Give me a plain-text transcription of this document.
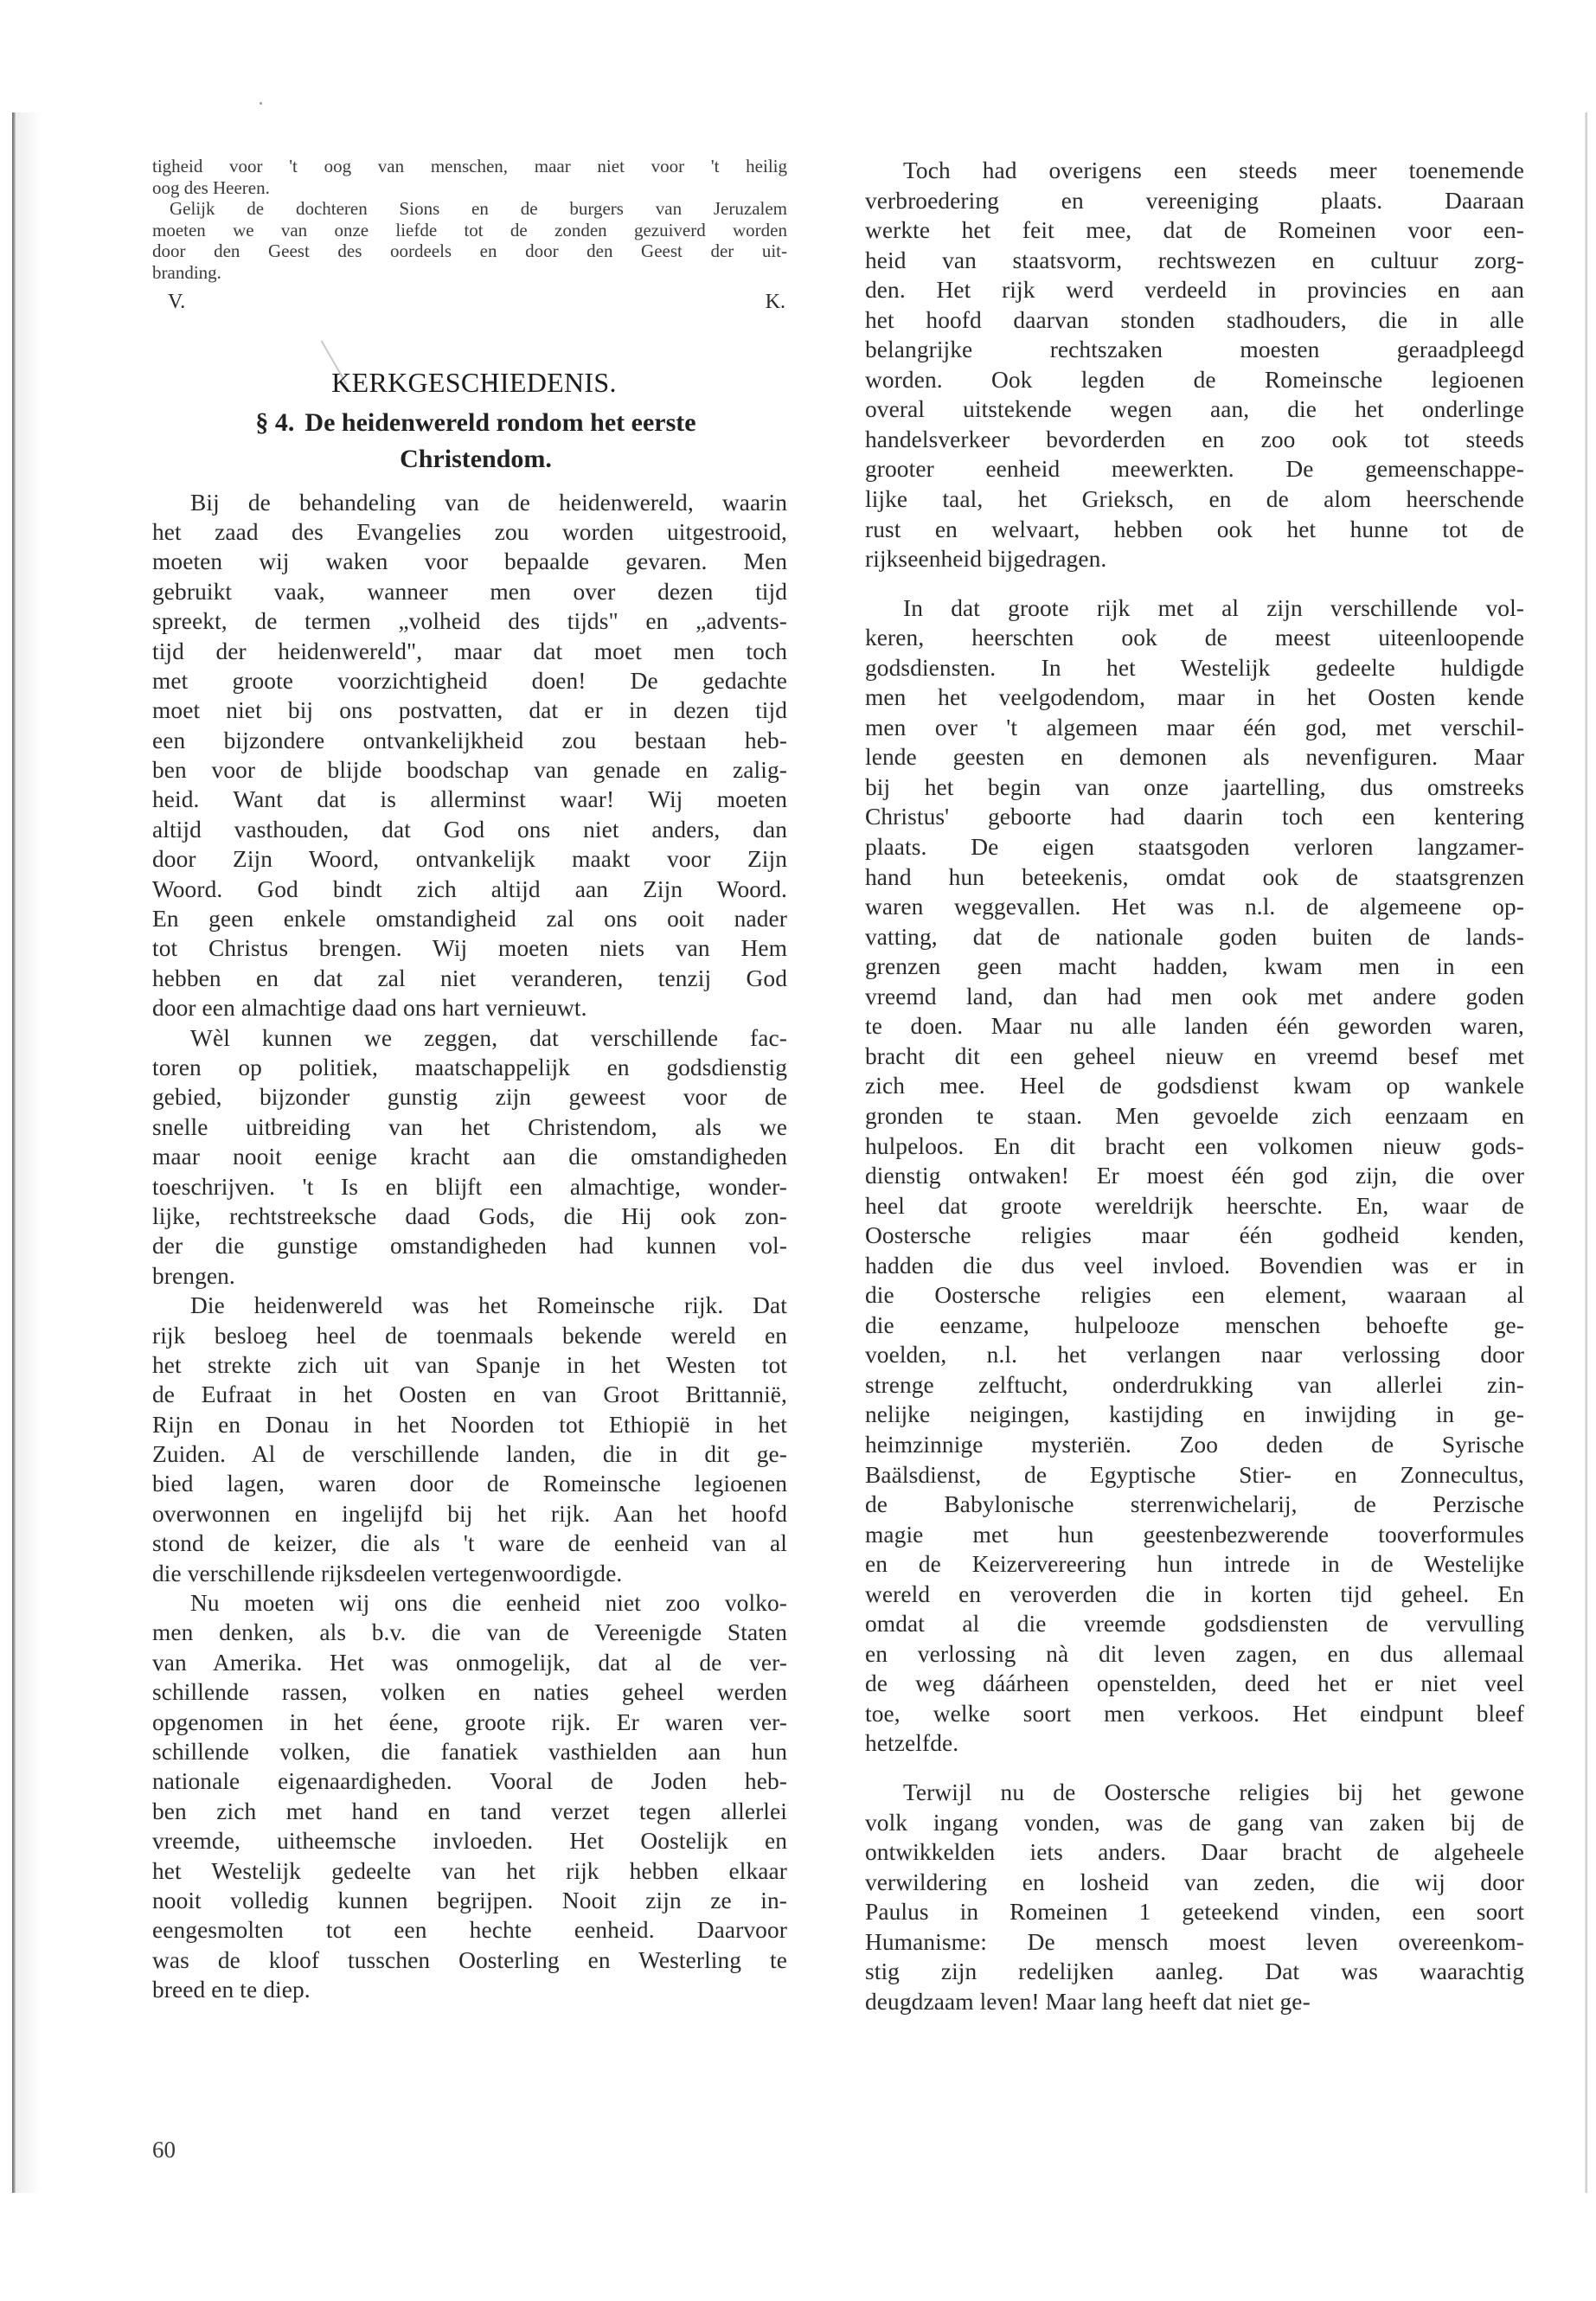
tigheid voor 't oog van menschen, maar niet voor 't heilig
oog des Heeren.
Gelijk de dochteren Sions en de burgers van Jeruzalem
moeten we van onze liefde tot de zonden gezuiverd worden
door den Geest des oordeels en door den Geest der uit-
branding.
V.	K.
KERKGESCHIEDENIS.
§ 4. De heidenwereld rondom het eerste
Christendom.
Bij de behandeling van de heidenwereld, waarin
het zaad des Evangelies zou worden uitgestrooid,
moeten wij waken voor bepaalde gevaren. Men
gebruikt vaak, wanneer men over dezen tijd
spreekt, de termen „volheid des tijds" en „advents-
tijd der heidenwereld", maar dat moet men toch
met groote voorzichtigheid doen! De gedachte
moet niet bij ons postvatten, dat er in dezen tijd
een bijzondere ontvankelijkheid zou bestaan heb-
ben voor de blijde boodschap van genade en zalig-
heid. Want dat is allerminst waar! Wij moeten
altijd vasthouden, dat God ons niet anders, dan
door Zijn Woord, ontvankelijk maakt voor Zijn
Woord. God bindt zich altijd aan Zijn Woord.
En geen enkele omstandigheid zal ons ooit nader
tot Christus brengen. Wij moeten niets van Hem
hebben en dat zal niet veranderen, tenzij God
door een almachtige daad ons hart vernieuwt.
Wèl kunnen we zeggen, dat verschillende fac-
toren op politiek, maatschappelijk en godsdienstig
gebied, bijzonder gunstig zijn geweest voor de
snelle uitbreiding van het Christendom, als we
maar nooit eenige kracht aan die omstandigheden
toeschrijven. 't Is en blijft een almachtige, wonder-
lijke, rechtstreeksche daad Gods, die Hij ook zon-
der die gunstige omstandigheden had kunnen vol-
brengen.
Die heidenwereld was het Romeinsche rijk. Dat
rijk besloeg heel de toenmaals bekende wereld en
het strekte zich uit van Spanje in het Westen tot
de Eufraat in het Oosten en van Groot Brittannië,
Rijn en Donau in het Noorden tot Ethiopië in het
Zuiden. Al de verschillende landen, die in dit ge-
bied lagen, waren door de Romeinsche legioenen
overwonnen en ingelijfd bij het rijk. Aan het hoofd
stond de keizer, die als 't ware de eenheid van al
die verschillende rijksdeelen vertegenwoordigde.
Nu moeten wij ons die eenheid niet zoo volko-
men denken, als b.v. die van de Vereenigde Staten
van Amerika. Het was onmogelijk, dat al de ver-
schillende rassen, volken en naties geheel werden
opgenomen in het éene, groote rijk. Er waren ver-
schillende volken, die fanatiek vasthielden aan hun
nationale eigenaardigheden. Vooral de Joden heb-
ben zich met hand en tand verzet tegen allerlei
vreemde, uitheemsche invloeden. Het Oostelijk en
het Westelijk gedeelte van het rijk hebben elkaar
nooit volledig kunnen begrijpen. Nooit zijn ze in-
eengesmolten tot een hechte eenheid. Daarvoor
was de kloof tusschen Oosterling en Westerling te
breed en te diep.
Toch had overigens een steeds meer toenemende
verbroedering en vereeniging plaats. Daaraan
werkte het feit mee, dat de Romeinen voor een-
heid van staatsvorm, rechtswezen en cultuur zorg-
den. Het rijk werd verdeeld in provincies en aan
het hoofd daarvan stonden stadhouders, die in alle
belangrijke rechtszaken moesten geraadpleegd
worden. Ook legden de Romeinsche legioenen
overal uitstekende wegen aan, die het onderlinge
handelsverkeer bevorderden en zoo ook tot steeds
grooter eenheid meewerkten. De gemeenschappe-
lijke taal, het Grieksch, en de alom heerschende
rust en welvaart, hebben ook het hunne tot de
rijkseenheid bijgedragen.
In dat groote rijk met al zijn verschillende vol-
keren, heerschten ook de meest uiteenloopende
godsdiensten. In het Westelijk gedeelte huldigde
men het veelgodendom, maar in het Oosten kende
men over 't algemeen maar één god, met verschil-
lende geesten en demonen als nevenfiguren. Maar
bij het begin van onze jaartelling, dus omstreeks
Christus' geboorte had daarin toch een kentering
plaats. De eigen staatsgoden verloren langzamer-
hand hun beteekenis, omdat ook de staatsgrenzen
waren weggevallen. Het was n.l. de algemeene op-
vatting, dat de nationale goden buiten de lands-
grenzen geen macht hadden, kwam men in een
vreemd land, dan had men ook met andere goden
te doen. Maar nu alle landen één geworden waren,
bracht dit een geheel nieuw en vreemd besef met
zich mee. Heel de godsdienst kwam op wankele
gronden te staan. Men gevoelde zich eenzaam en
hulpeloos. En dit bracht een volkomen nieuw gods-
dienstig ontwaken! Er moest één god zijn, die over
heel dat groote wereldrijk heerschte. En, waar de
Oostersche religies maar één godheid kenden,
hadden die dus veel invloed. Bovendien was er in
die Oostersche religies een element, waaraan al
die eenzame, hulpelooze menschen behoefte ge-
voelden, n.l. het verlangen naar verlossing door
strenge zelftucht, onderdrukking van allerlei zin-
nelijke neigingen, kastijding en inwijding in ge-
heimzinnige mysteriën. Zoo deden de Syrische
Baälsdienst, de Egyptische Stier- en Zonnecultus,
de Babylonische sterrenwichelarij, de Perzische
magie met hun geestenbezwerende tooverformules
en de Keizervereering hun intrede in de Westelijke
wereld en veroverden die in korten tijd geheel. En
omdat al die vreemde godsdiensten de vervulling
en verlossing nà dit leven zagen, en dus allemaal
de weg dáárheen openstelden, deed het er niet veel
toe, welke soort men verkoos. Het eindpunt bleef
hetzelfde.
Terwijl nu de Oostersche religies bij het gewone
volk ingang vonden, was de gang van zaken bij de
ontwikkelden iets anders. Daar bracht de algeheele
verwildering en losheid van zeden, die wij door
Paulus in Romeinen 1 geteekend vinden, een soort
Humanisme: De mensch moest leven overeenkom-
stig zijn redelijken aanleg. Dat was waarachtig
deugdzaam leven! Maar lang heeft dat niet ge-
60
